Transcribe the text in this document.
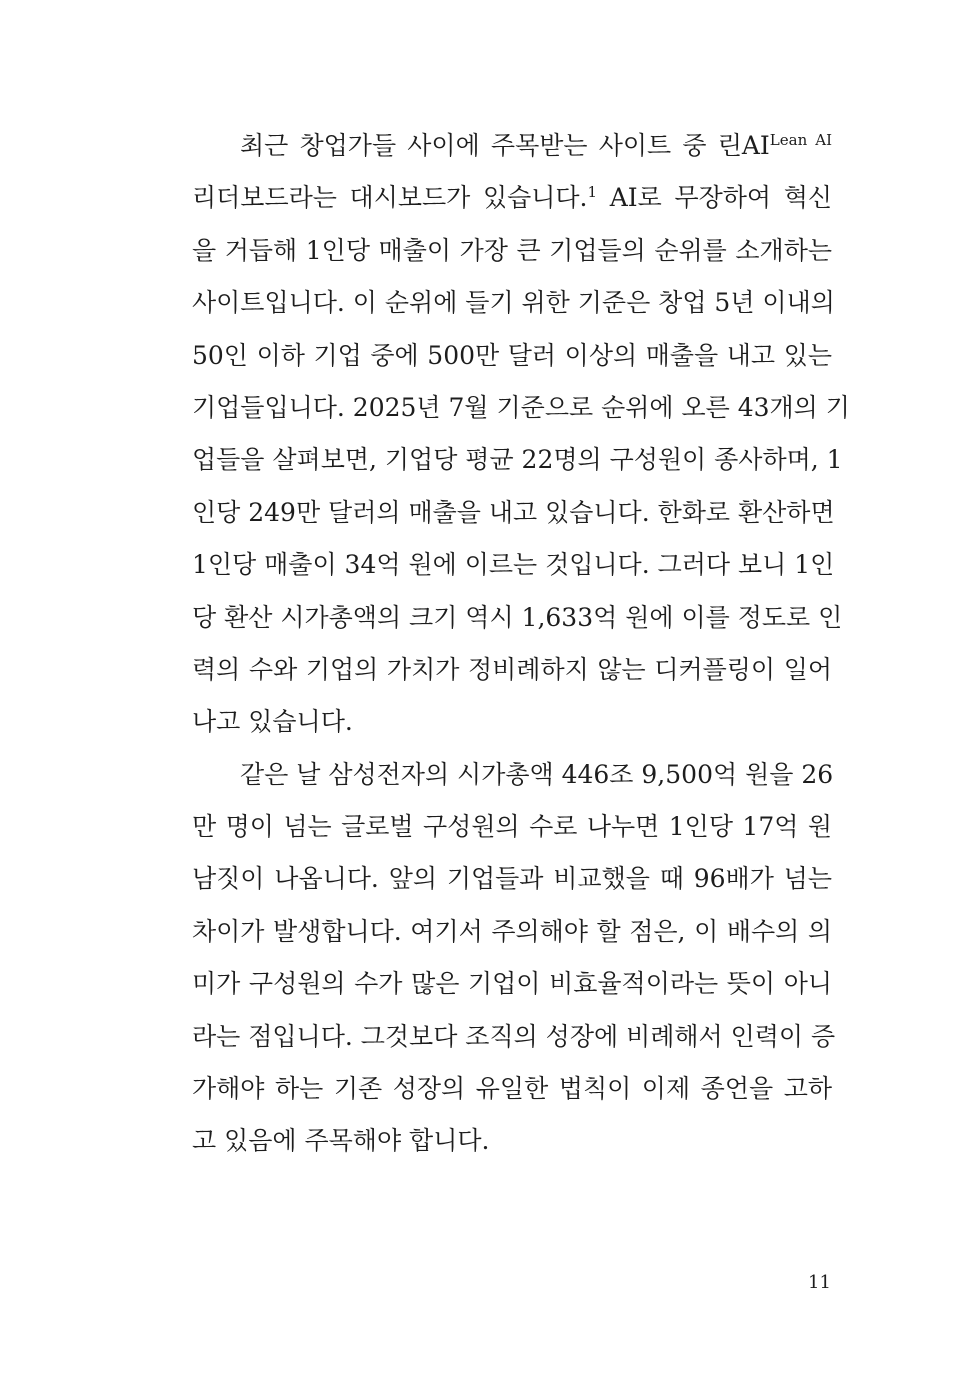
최근 창업가들 사이에 주목받는 사이트 중 린$AI^{Lean AI}$
리더보드라는 대시보드가 있습니다.$^1$ AI로 무장하여 혁신
을 거듭해 1인당 매출이 가장 큰 기업들의 순위를 소개하는
사이트입니다. 이 순위에 들기 위한 기준은 창업 5년 이내의
50인 이하 기업 중에 500만 달러 이상의 매출을 내고 있는
기업들입니다. 2025년 7월 기준으로 순위에 오른 43개의 기
업들을 살펴보면, 기업당 평균 22명의 구성원이 종사하며, 1
인당 249만 달러의 매출을 내고 있습니다. 한화로 환산하면
1인당 매출이 34억 원에 이르는 것입니다. 그러다 보니 1인
당 환산 시가총액의 크기 역시 1,633억 원에 이를 정도로 인
력의 수와 기업의 가치가 정비례하지 않는 디커플링이 일어
나고 있습니다.
같은 날 삼성전자의 시가총액 446조 9,500억 원을 26
만 명이 넘는 글로벌 구성원의 수로 나누면 1인당 17억 원
남짓이 나옵니다. 앞의 기업들과 비교했을 때 96배가 넘는
차이가 발생합니다. 여기서 주의해야 할 점은, 이 배수의 의
미가 구성원의 수가 많은 기업이 비효율적이라는 뜻이 아니
라는 점입니다. 그것보다 조직의 성장에 비례해서 인력이 증
가해야 하는 기존 성장의 유일한 법칙이 이제 종언을 고하
고 있음에 주목해야 합니다.
11
